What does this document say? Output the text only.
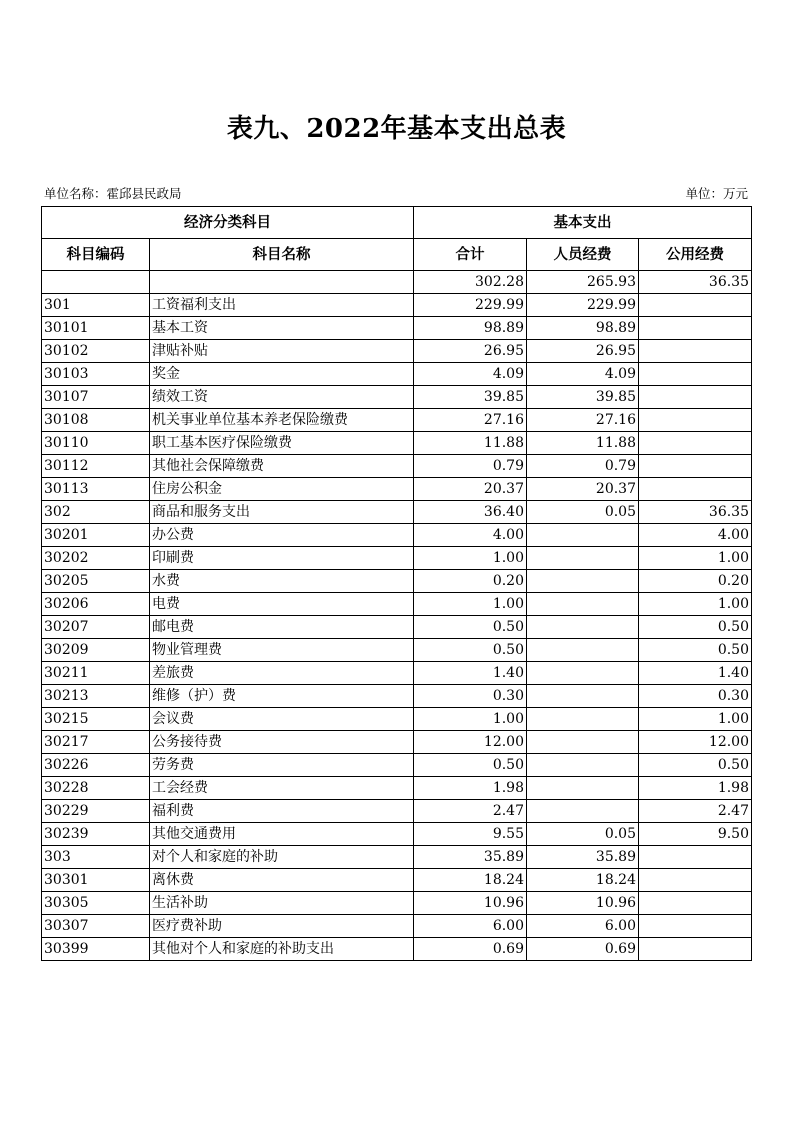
表九、2022年基本支出总表
单位名称：霍邱县民政局	单位：万元
经济分类科目		基本支出		
科目编码	科目名称	合计	人员经费	公用经费
		302.28	265.93	36.35
301	工资福利支出	229.99	229.99	
30101	基本工资	98.89	98.89	
30102	津贴补贴	26.95	26.95	
30103	奖金	4.09	4.09	
30107	绩效工资	39.85	39.85	
30108	机关事业单位基本养老保险缴费	27.16	27.16	
30110	职工基本医疗保险缴费	11.88	11.88	
30112	其他社会保障缴费	0.79	0.79	
30113	住房公积金	20.37	20.37	
302	商品和服务支出	36.40	0.05	36.35
30201	办公费	4.00		4.00
30202	印刷费	1.00		1.00
30205	水费	0.20		0.20
30206	电费	1.00		1.00
30207	邮电费	0.50		0.50
30209	物业管理费	0.50		0.50
30211	差旅费	1.40		1.40
30213	维修（护）费	0.30		0.30
30215	会议费	1.00		1.00
30217	公务接待费	12.00		12.00
30226	劳务费	0.50		0.50
30228	工会经费	1.98		1.98
30229	福利费	2.47		2.47
30239	其他交通费用	9.55	0.05	9.50
303	对个人和家庭的补助	35.89	35.89	
30301	离休费	18.24	18.24	
30305	生活补助	10.96	10.96	
30307	医疗费补助	6.00	6.00	
30399	其他对个人和家庭的补助支出	0.69	0.69	
